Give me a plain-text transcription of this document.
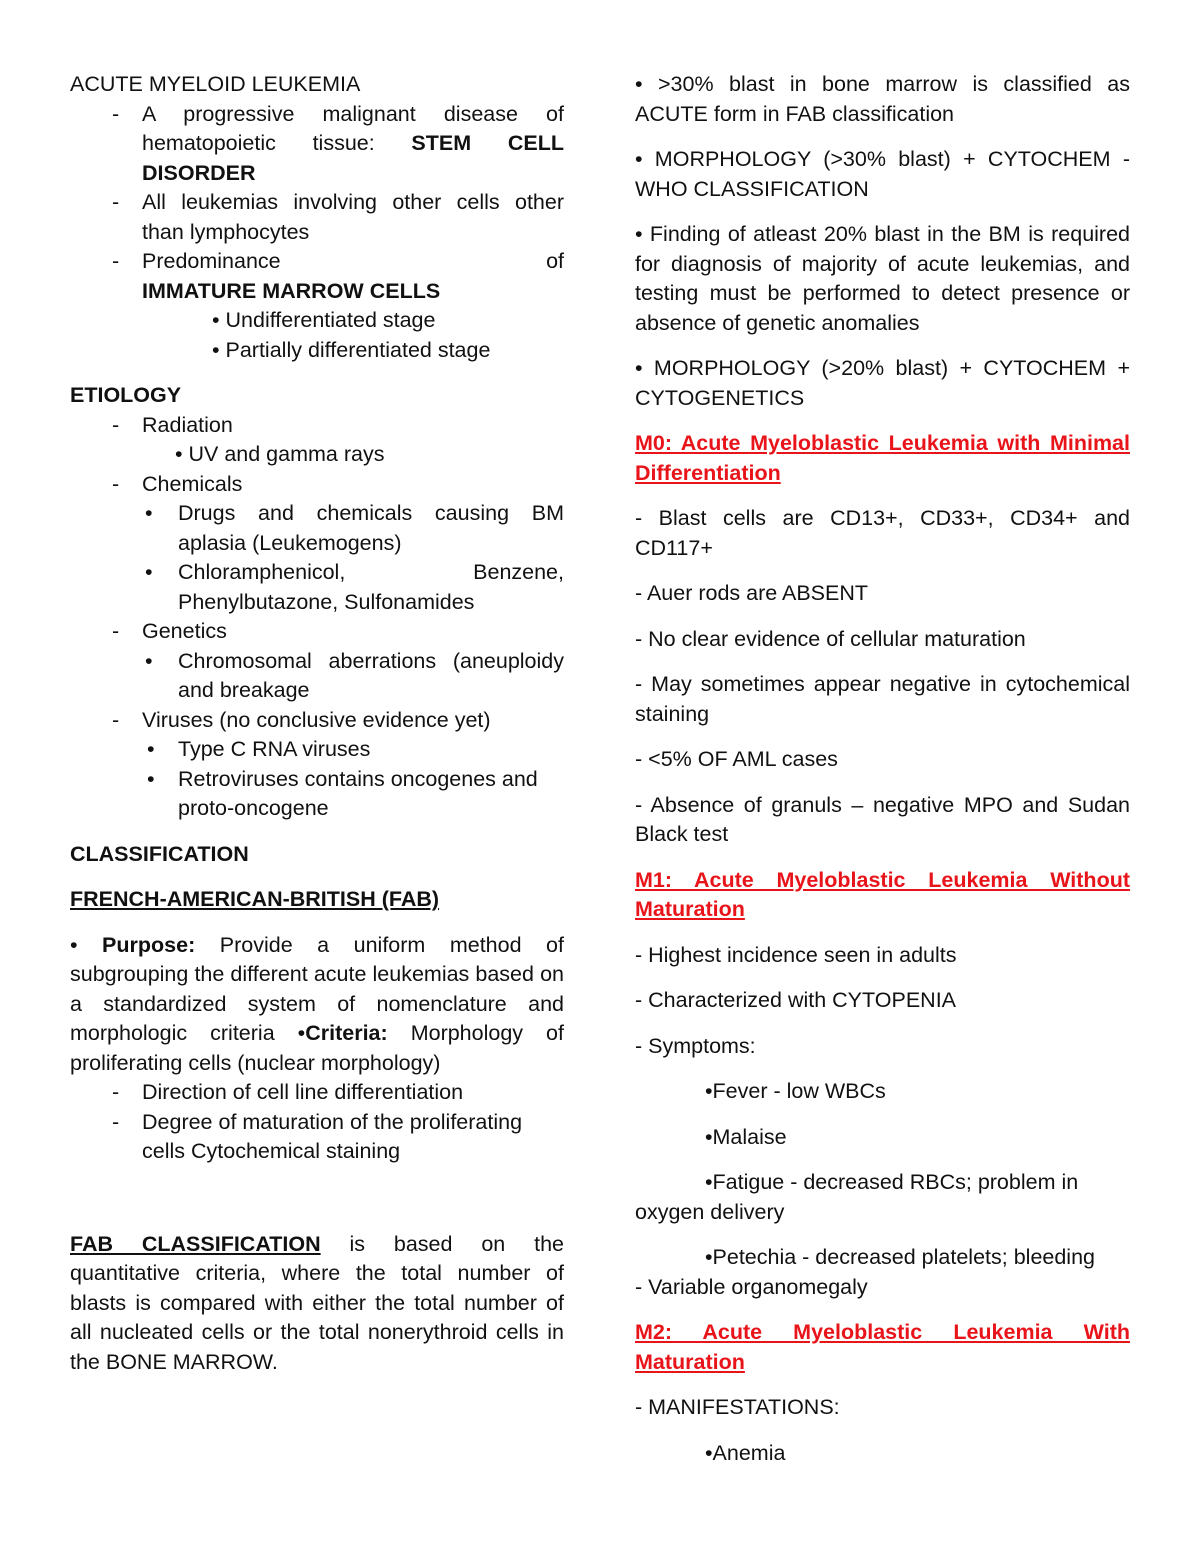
ACUTE MYELOID LEUKEMIA

- A progressive malignant disease of hematopoietic tissue: STEM CELL DISORDER
- All leukemias involving other cells other than lymphocytes
- Predominance of IMMATURE MARROW CELLS

• Undifferentiated stage

• Partially differentiated stage

ETIOLOGY

- Radiation

• UV and gamma rays

- Chemicals
• Drugs and chemicals causing BM aplasia (Leukemogens)
• Chloramphenicol, Benzene, Phenylbutazone, Sulfonamides
- Genetics
• Chromosomal aberrations (aneuploidy and breakage
- Viruses (no conclusive evidence yet)
• Type C RNA viruses
• Retroviruses contains oncogenes and proto-oncogene

CLASSIFICATION

FRENCH-AMERICAN-BRITISH (FAB)

• Purpose: Provide a uniform method of subgrouping the different acute leukemias based on a standardized system of nomenclature and morphologic criteria •Criteria: Morphology of proliferating cells (nuclear morphology)

- Direction of cell line differentiation
- Degree of maturation of the proliferating cells Cytochemical staining

FAB CLASSIFICATION is based on the quantitative criteria, where the total number of blasts is compared with either the total number of all nucleated cells or the total nonerythroid cells in the BONE MARROW.

• >30% blast in bone marrow is classified as ACUTE form in FAB classification

• MORPHOLOGY (>30% blast) + CYTOCHEM - WHO CLASSIFICATION

• Finding of atleast 20% blast in the BM is required for diagnosis of majority of acute leukemias, and testing must be performed to detect presence or absence of genetic anomalies

• MORPHOLOGY (>20% blast) + CYTOCHEM + CYTOGENETICS

M0: Acute Myeloblastic Leukemia with Minimal Differentiation

- Blast cells are CD13+, CD33+, CD34+ and CD117+

- Auer rods are ABSENT

- No clear evidence of cellular maturation

- May sometimes appear negative in cytochemical staining

- <5% OF AML cases

- Absence of granuls – negative MPO and Sudan Black test

M1: Acute Myeloblastic Leukemia Without Maturation

- Highest incidence seen in adults

- Characterized with CYTOPENIA

- Symptoms:

•Fever - low WBCs

•Malaise

•Fatigue - decreased RBCs; problem in oxygen delivery

•Petechia - decreased platelets; bleeding

- Variable organomegaly

M2: Acute Myeloblastic Leukemia With Maturation

- MANIFESTATIONS:

•Anemia
